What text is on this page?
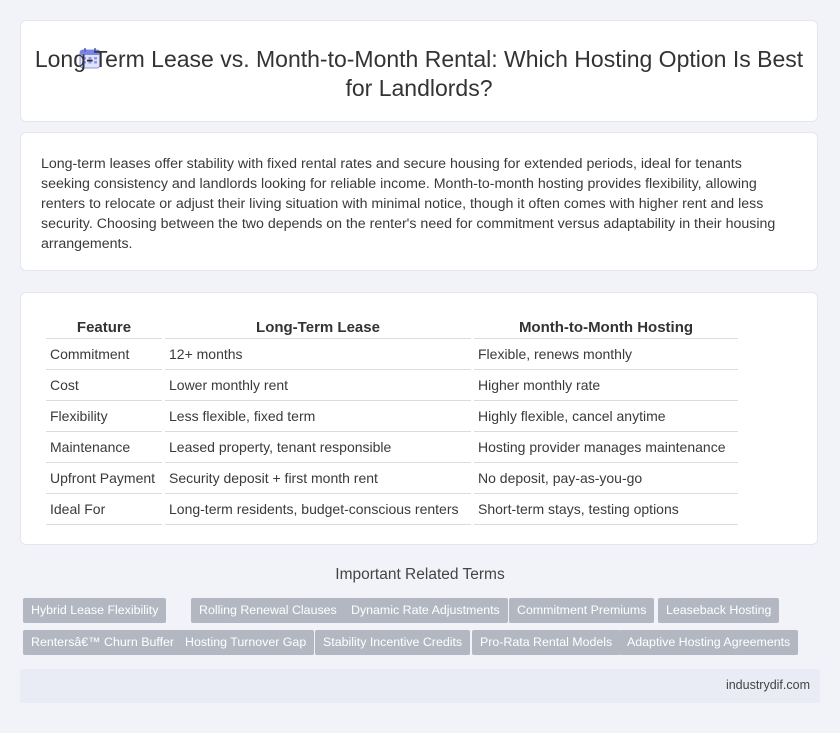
Long-Term Lease vs. Month-to-Month Rental: Which Hosting Option Is Best for Landlords?

Long-term leases offer stability with fixed rental rates and secure housing for extended periods, ideal for tenants seeking consistency and landlords looking for reliable income. Month-to-month hosting provides flexibility, allowing renters to relocate or adjust their living situation with minimal notice, though it often comes with higher rent and less security. Choosing between the two depends on the renter's need for commitment versus adaptability in their housing arrangements.

Feature	Long-Term Lease	Month-to-Month Hosting
Commitment	12+ months	Flexible, renews monthly
Cost	Lower monthly rent	Higher monthly rate
Flexibility	Less flexible, fixed term	Highly flexible, cancel anytime
Maintenance	Leased property, tenant responsible	Hosting provider manages maintenance
Upfront Payment	Security deposit + first month rent	No deposit, pay-as-you-go
Ideal For	Long-term residents, budget-conscious renters	Short-term stays, testing options
Important Related Terms
Hybrid Lease Flexibility	Rolling Renewal Clauses	Dynamic Rate Adjustments	Commitment Premiums	Leaseback Hosting
Rentersâ€™ Churn Buffer Hosting Turnover Gap	Stability Incentive Credits	Pro-Rata Rental Models	Adaptive Hosting Agreements
industrydif.com
